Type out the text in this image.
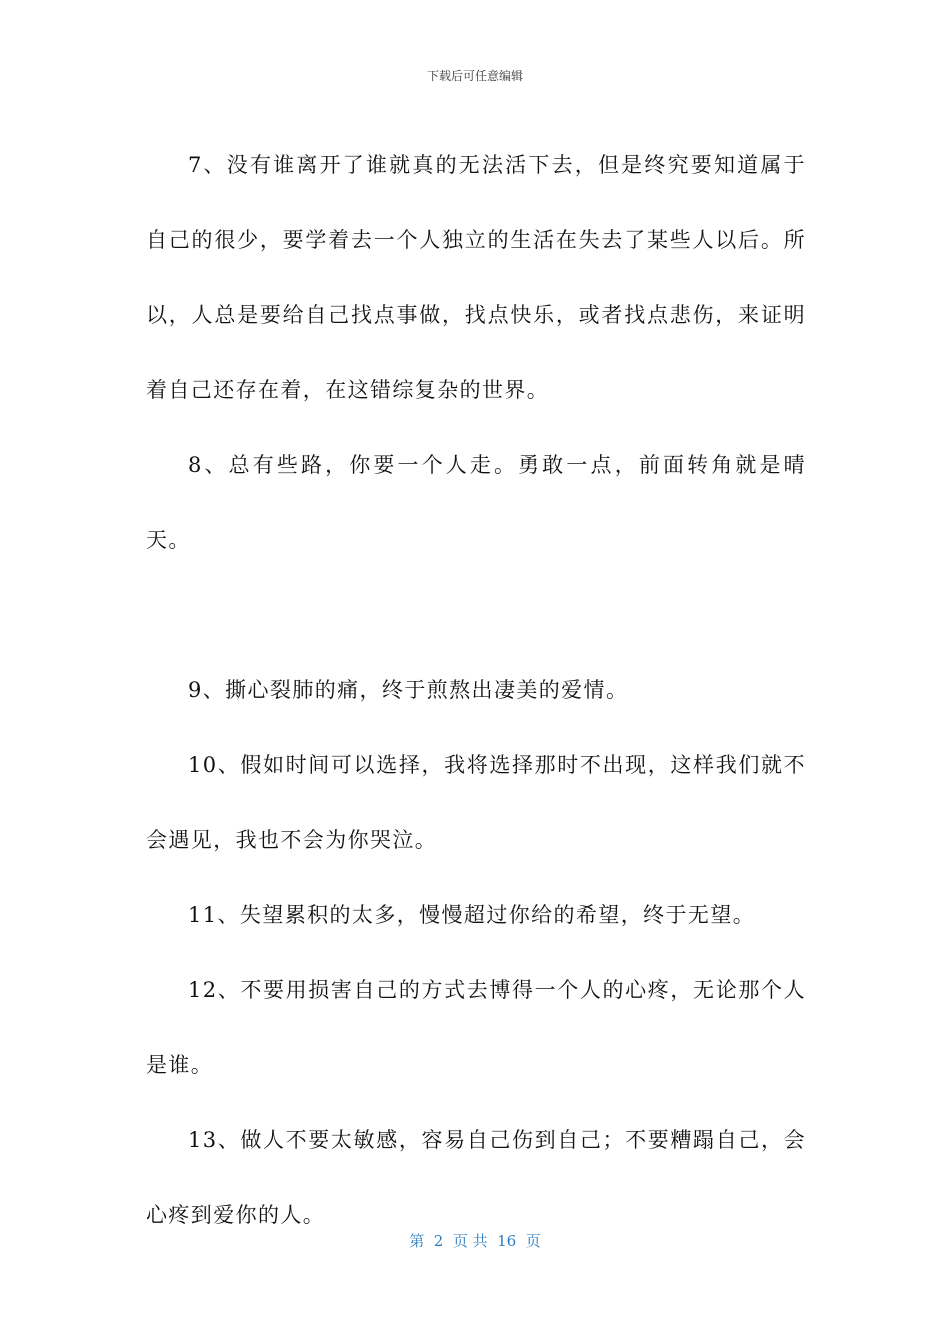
下载后可任意编辑

7、没有谁离开了谁就真的无法活下去，但是终究要知道属于自己的很少，要学着去一个人独立的生活在失去了某些人以后。所以，人总是要给自己找点事做，找点快乐，或者找点悲伤，来证明着自己还存在着，在这错综复杂的世界。

8、总有些路，你要一个人走。勇敢一点，前面转角就是晴天。

9、撕心裂肺的痛，终于煎熬出凄美的爱情。

10、假如时间可以选择，我将选择那时不出现，这样我们就不会遇见，我也不会为你哭泣。

11、失望累积的太多，慢慢超过你给的希望，终于无望。

12、不要用损害自己的方式去博得一个人的心疼，无论那个人是谁。

13、做人不要太敏感，容易自己伤到自己；不要糟蹋自己，会心疼到爱你的人。

第  2  页 共  16  页
